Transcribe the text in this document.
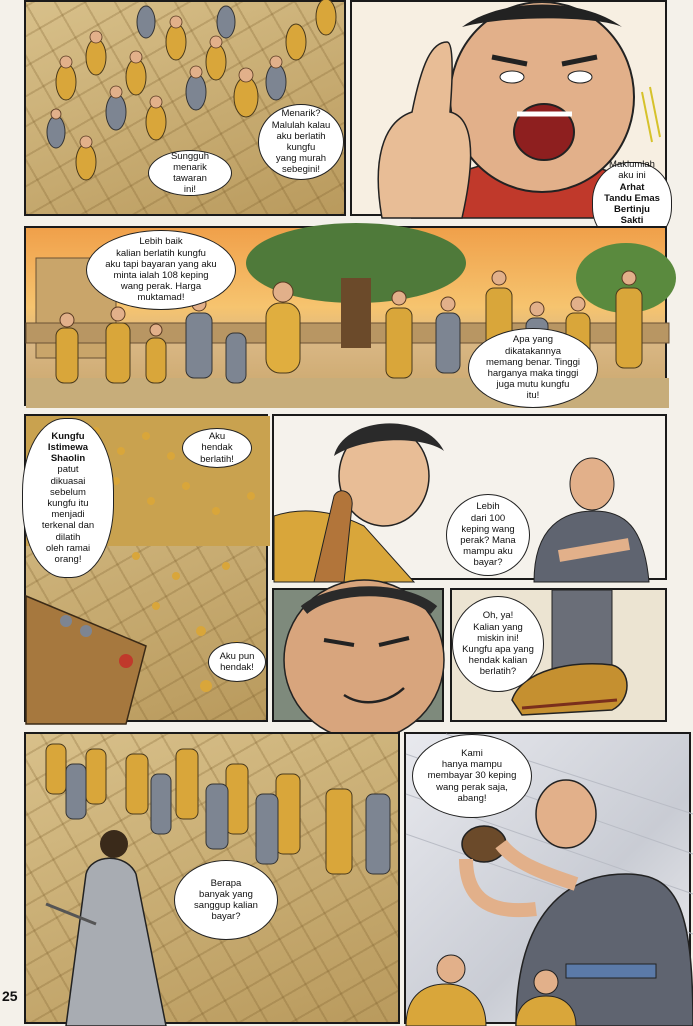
Menarik?
Malulah kalau
aku berlatih kungfu
yang murah
sebegini!
Sungguh
menarik tawaran
ini!
Maklumlah
aku ini
Arhat
Tandu Emas
Bertinju Sakti
Lebih baik
kalian berlatih kungfu
aku tapi bayaran yang aku
minta ialah 108 keping
wang perak. Harga
muktamad!
Apa yang
dikatakannya
memang benar. Tinggi
harganya maka tinggi
juga mutu kungfu
itu!
Kungfu
Istimewa
Shaolin
patut
dikuasai sebelum
kungfu itu menjadi
terkenal dan dilatih
oleh ramai
orang!
Aku hendak
berlatih!
Aku pun
hendak!
Lebih
dari 100
keping wang
perak? Mana
mampu aku
bayar?
Oh, ya!
Kalian yang
miskin ini!
Kungfu apa yang
hendak kalian
berlatih?
Berapa
banyak yang
sanggup kalian
bayar?
Kami
hanya mampu
membayar 30 keping
wang perak saja,
abang!
25
